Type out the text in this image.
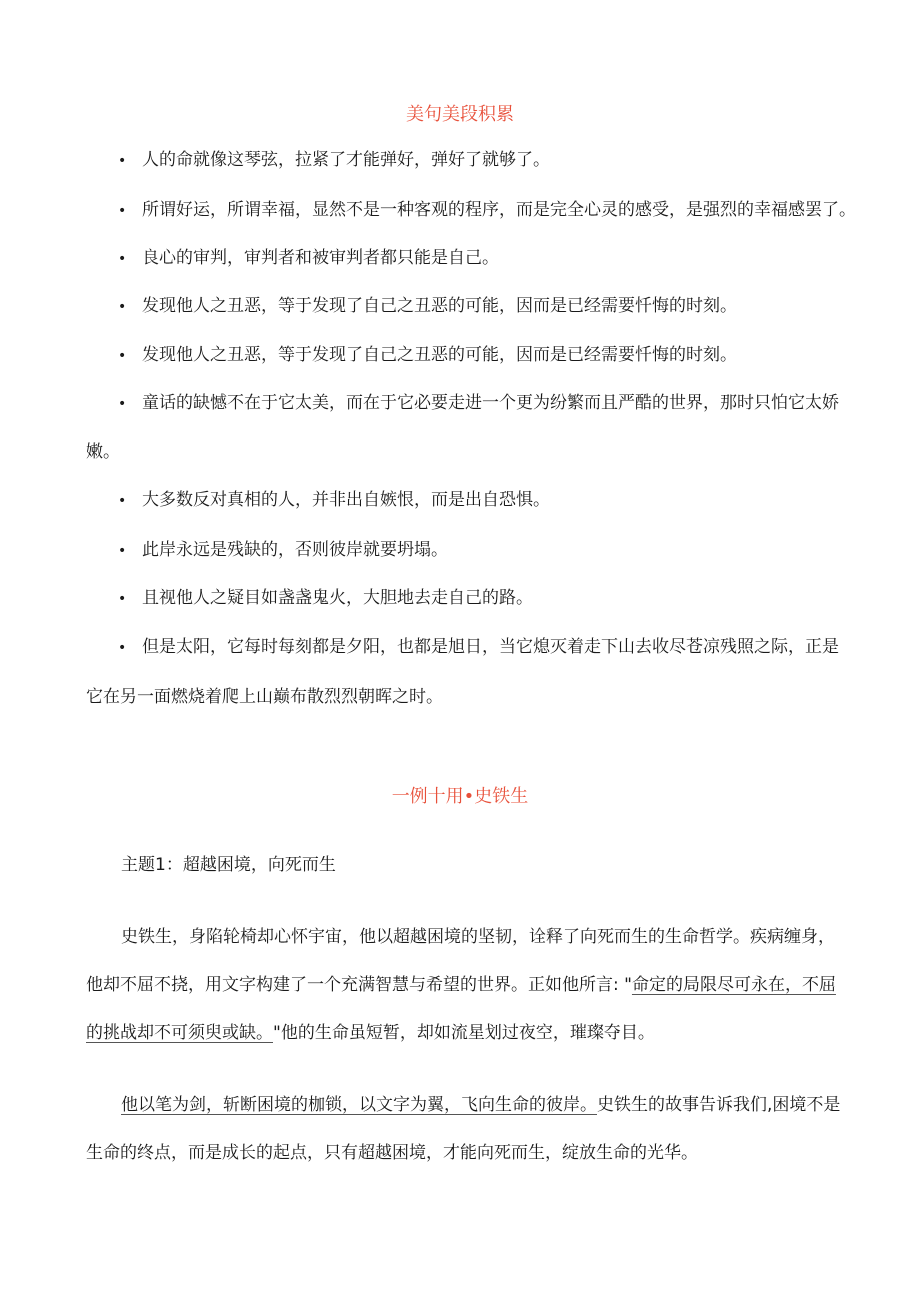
美句美段积累
• 人的命就像这琴弦，拉紧了才能弹好，弹好了就够了。
• 所谓好运，所谓幸福，显然不是一种客观的程序，而是完全心灵的感受，是强烈的幸福感罢了。
• 良心的审判，审判者和被审判者都只能是自己。
• 发现他人之丑恶，等于发现了自己之丑恶的可能，因而是已经需要忏悔的时刻。
• 发现他人之丑恶，等于发现了自己之丑恶的可能，因而是已经需要忏悔的时刻。
• 童话的缺憾不在于它太美，而在于它必要走进一个更为纷繁而且严酷的世界，那时只怕它太娇
嫩。
• 大多数反对真相的人，并非出自嫉恨，而是出自恐惧。
• 此岸永远是残缺的，否则彼岸就要坍塌。
• 且视他人之疑目如盏盏鬼火，大胆地去走自己的路。
• 但是太阳，它每时每刻都是夕阳，也都是旭日，当它熄灭着走下山去收尽苍凉残照之际，正是
它在另一面燃烧着爬上山巅布散烈烈朝晖之时。
一例十用•史铁生
主题1：超越困境，向死而生
史铁生，身陷轮椅却心怀宇宙，他以超越困境的坚韧，诠释了向死而生的生命哲学。疾病缠身，
他却不屈不挠，用文字构建了一个充满智慧与希望的世界。正如他所言: "命定的局限尽可永在，不屈
的挑战却不可须臾或缺。"他的生命虽短暂，却如流星划过夜空，璀璨夺目。
他以笔为剑，斩断困境的枷锁，以文字为翼，飞向生命的彼岸。史铁生的故事告诉我们,困境不是
生命的终点，而是成长的起点，只有超越困境，才能向死而生，绽放生命的光华。
